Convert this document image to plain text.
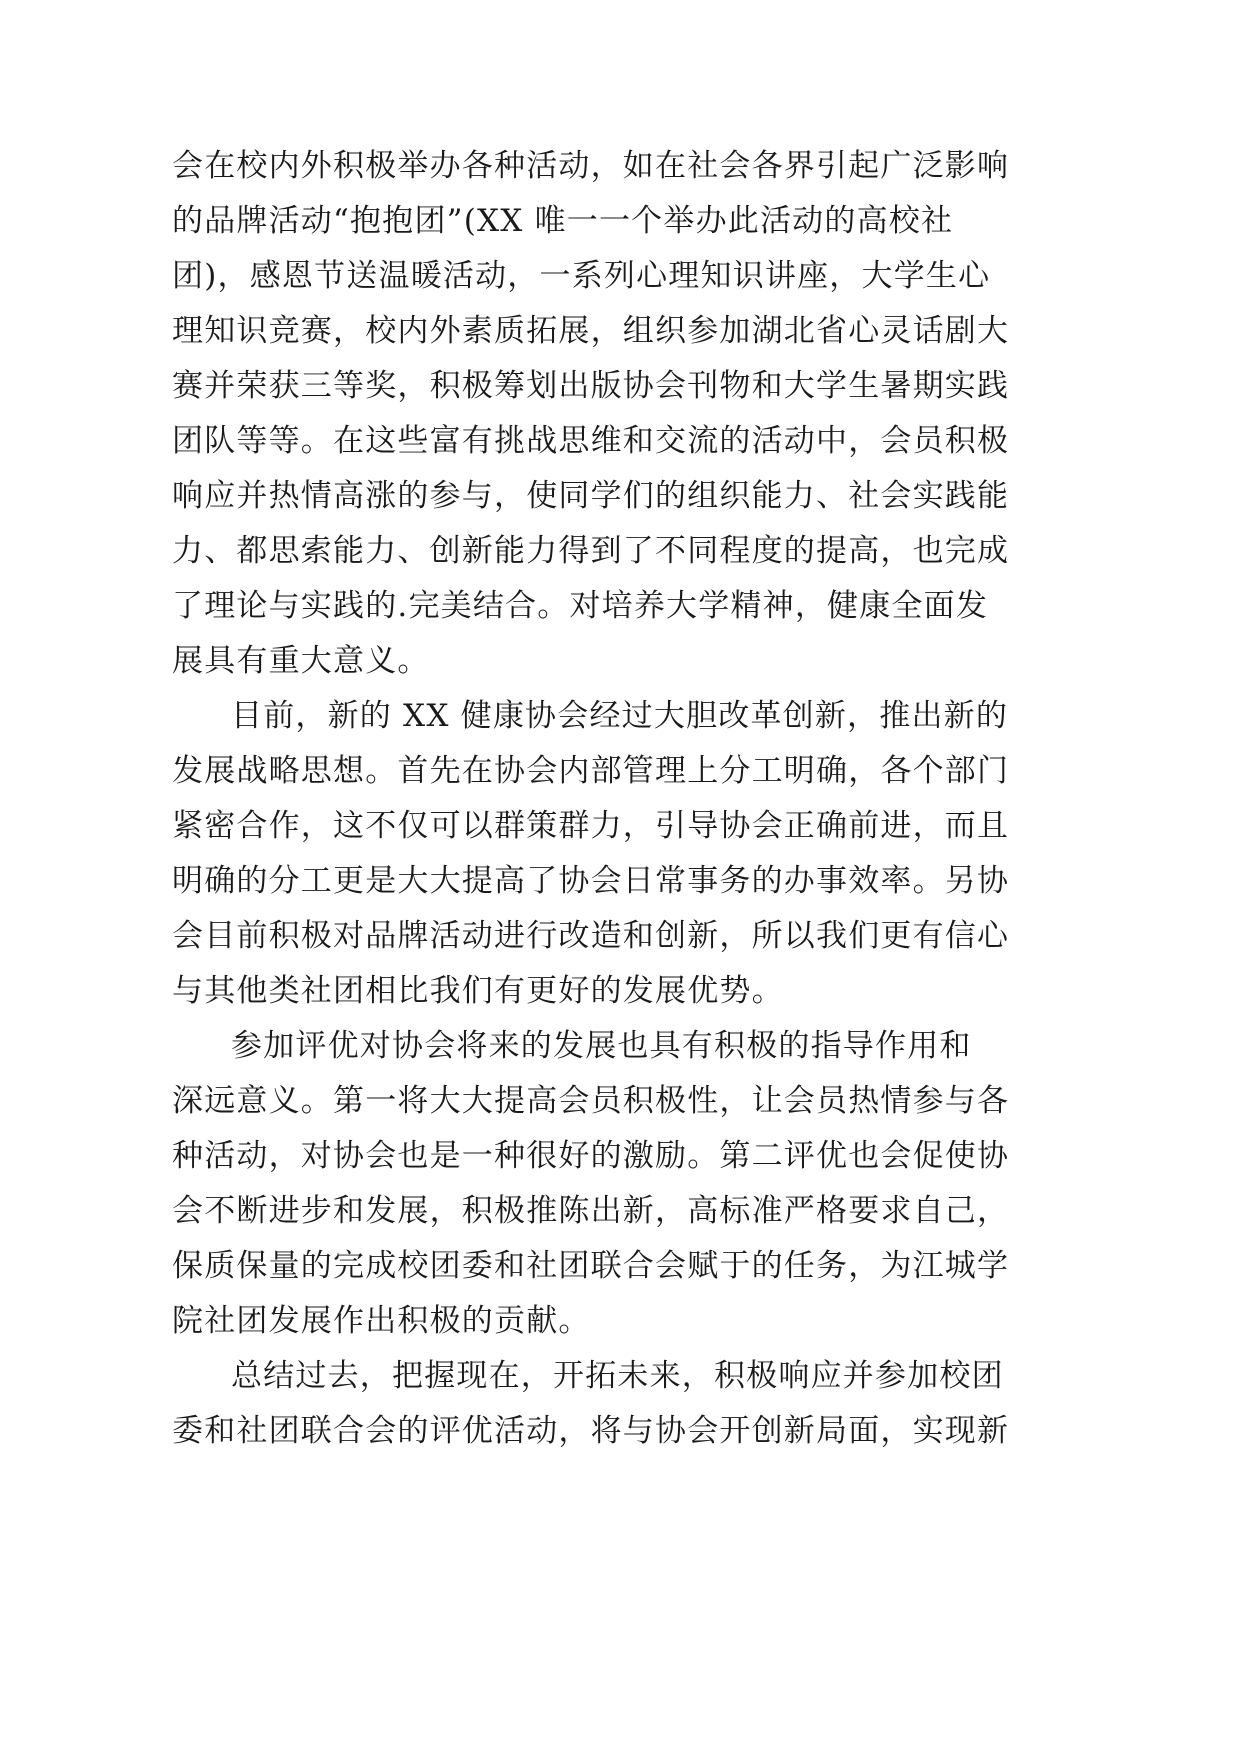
会在校内外积极举办各种活动，如在社会各界引起广泛影响
的品牌活动“抱抱团”(XX 唯一一个举办此活动的高校社
团)，感恩节送温暖活动，一系列心理知识讲座，大学生心
理知识竞赛，校内外素质拓展，组织参加湖北省心灵话剧大
赛并荣获三等奖，积极筹划出版协会刊物和大学生暑期实践
团队等等。在这些富有挑战思维和交流的活动中，会员积极
响应并热情高涨的参与，使同学们的组织能力、社会实践能
力、都思索能力、创新能力得到了不同程度的提高，也完成
了理论与实践的.完美结合。对培养大学精神，健康全面发
展具有重大意义。
目前，新的 XX 健康协会经过大胆改革创新，推出新的
发展战略思想。首先在协会内部管理上分工明确，各个部门
紧密合作，这不仅可以群策群力，引导协会正确前进，而且
明确的分工更是大大提高了协会日常事务的办事效率。另协
会目前积极对品牌活动进行改造和创新，所以我们更有信心
与其他类社团相比我们有更好的发展优势。
参加评优对协会将来的发展也具有积极的指导作用和
深远意义。第一将大大提高会员积极性，让会员热情参与各
种活动，对协会也是一种很好的激励。第二评优也会促使协
会不断进步和发展，积极推陈出新，高标准严格要求自己，
保质保量的完成校团委和社团联合会赋于的任务，为江城学
院社团发展作出积极的贡献。
总结过去，把握现在，开拓未来，积极响应并参加校团
委和社团联合会的评优活动，将与协会开创新局面，实现新
